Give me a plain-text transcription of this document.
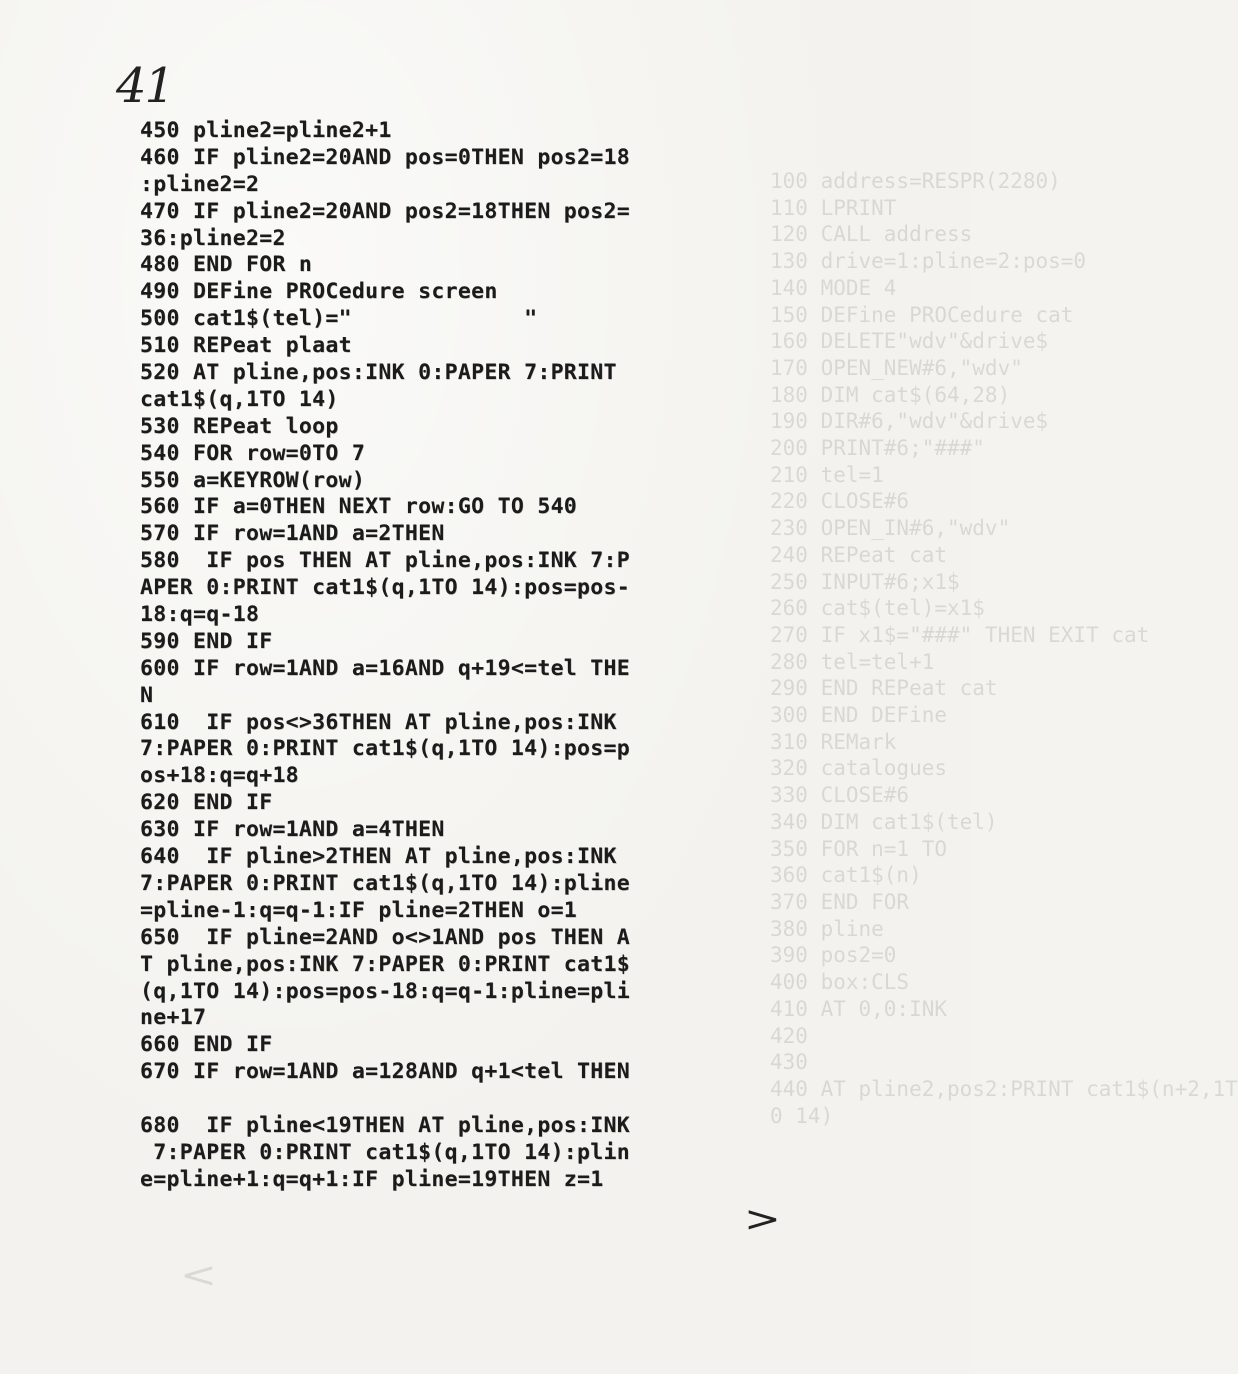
100 address=RESPR(2280)
110 LPRINT
120 CALL address
130 drive=1:pline=2:pos=0
140 MODE 4
150 DEFine PROCedure cat
160 DELETE"wdv"&drive$
170 OPEN_NEW#6,"wdv"
180 DIM cat$(64,28)
190 DIR#6,"wdv"&drive$
200 PRINT#6;"###"
210 tel=1
220 CLOSE#6
230 OPEN_IN#6,"wdv"
240 REPeat cat
250 INPUT#6;x1$
260 cat$(tel)=x1$
270 IF x1$="###" THEN EXIT cat
280 tel=tel+1
290 END REPeat cat
300 END DEFine
310 REMark
320 catalogues
330 CLOSE#6
340 DIM cat1$(tel)
350 FOR n=1 TO
360 cat1$(n)
370 END FOR
380 pline
390 pos2=0
400 box:CLS
410 AT 0,0:INK
420
430
440 AT pline2,pos2:PRINT cat1$(n+2,1T
0 14)
41
450 pline2=pline2+1
460 IF pline2=20AND pos=0THEN pos2=18
:pline2=2
470 IF pline2=20AND pos2=18THEN pos2=
36:pline2=2
480 END FOR n
490 DEFine PROCedure screen
500 cat1$(tel)="             "
510 REPeat plaat
520 AT pline,pos:INK 0:PAPER 7:PRINT
cat1$(q,1TO 14)
530 REPeat loop
540 FOR row=0TO 7
550 a=KEYROW(row)
560 IF a=0THEN NEXT row:GO TO 540
570 IF row=1AND a=2THEN
580  IF pos THEN AT pline,pos:INK 7:P
APER 0:PRINT cat1$(q,1TO 14):pos=pos-
18:q=q-18
590 END IF
600 IF row=1AND a=16AND q+19<=tel THE
N
610  IF pos<>36THEN AT pline,pos:INK
7:PAPER 0:PRINT cat1$(q,1TO 14):pos=p
os+18:q=q+18
620 END IF
630 IF row=1AND a=4THEN
640  IF pline>2THEN AT pline,pos:INK
7:PAPER 0:PRINT cat1$(q,1TO 14):pline
=pline-1:q=q-1:IF pline=2THEN o=1
650  IF pline=2AND o<>1AND pos THEN A
T pline,pos:INK 7:PAPER 0:PRINT cat1$
(q,1TO 14):pos=pos-18:q=q-1:pline=pli
ne+17
660 END IF
670 IF row=1AND a=128AND q+1<tel THEN
680  IF pline<19THEN AT pline,pos:INK
7:PAPER 0:PRINT cat1$(q,1TO 14):plin
e=pline+1:q=q+1:IF pline=19THEN z=1
>
<
